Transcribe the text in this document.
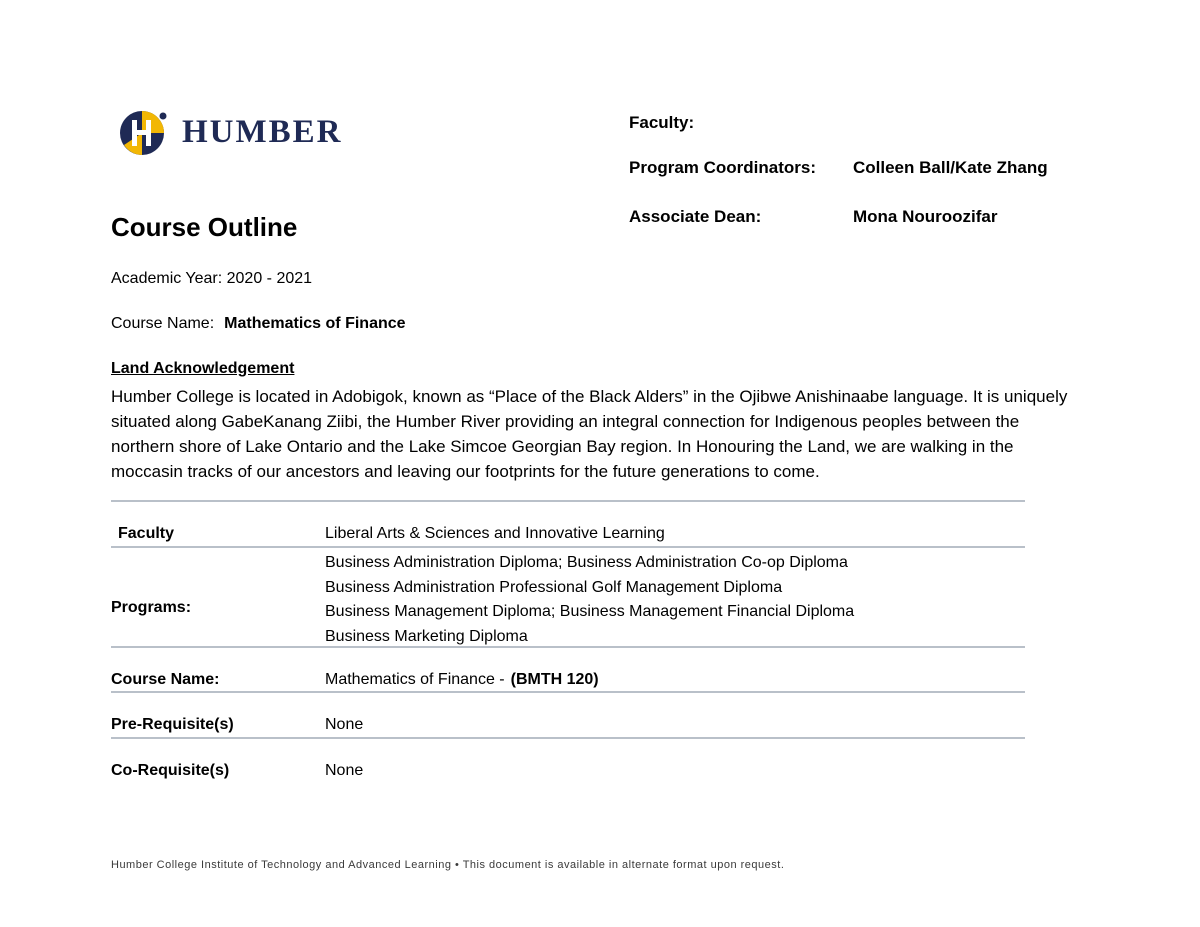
HUMBER	Faculty:
Program Coordinators: Colleen Ball/Kate Zhang
Associate Dean:	Mona Nouroozifar
Course Outline
Academic Year: 2020 - 2021
Course Name: Mathematics of Finance
Land Acknowledgement
Humber College is located in Adobigok, known as “Place of the Black Alders” in the Ojibwe Anishinaabe language. It is uniquely situated along GabeKanang Ziibi, the Humber River providing an integral connection for Indigenous peoples between the northern shore of Lake Ontario and the Lake Simcoe Georgian Bay region. In Honouring the Land, we are walking in the moccasin tracks of our ancestors and leaving our footprints for the future generations to come.
Faculty	Liberal Arts & Sciences and Innovative Learning
Programs:
Business Administration Diploma; Business Administration Co-op Diploma
Business Administration Professional Golf Management Diploma
Business Management Diploma; Business Management Financial Diploma
Business Marketing Diploma
Course Name:	Mathematics of Finance - (BMTH 120)
Pre-Requisite(s)	None
Co-Requisite(s)	None
Humber College Institute of Technology and Advanced Learning • This document is available in alternate format upon request.
